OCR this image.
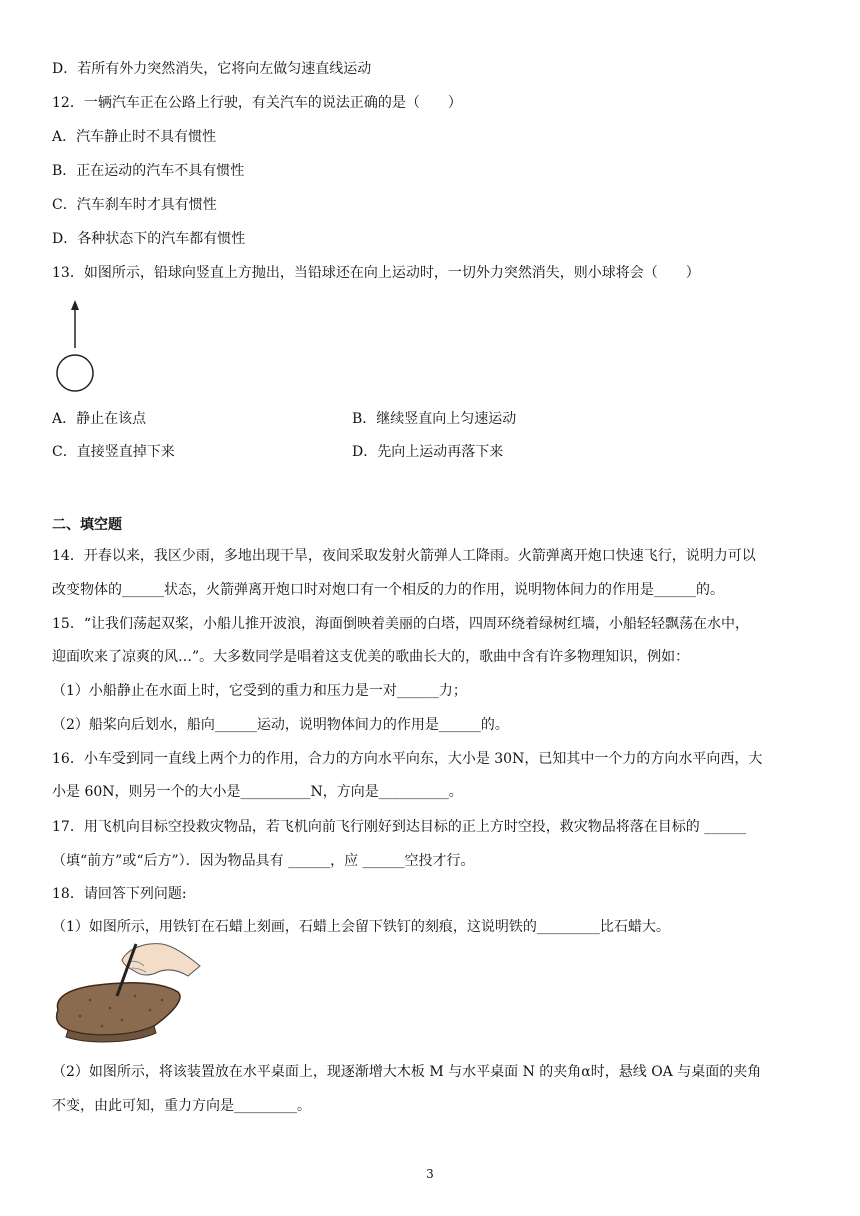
D．若所有外力突然消失，它将向左做匀速直线运动
12．一辆汽车正在公路上行驶，有关汽车的说法正确的是（　　）
A．汽车静止时不具有惯性
B．正在运动的汽车不具有惯性
C．汽车刹车时才具有惯性
D．各种状态下的汽车都有惯性
13．如图所示，铅球向竖直上方抛出，当铅球还在向上运动时，一切外力突然消失，则小球将会（　　）
A．静止在该点	B．继续竖直向上匀速运动
C．直接竖直掉下来	D．先向上运动再落下来
二、填空题
14．开春以来，我区少雨，多地出现干旱，夜间采取发射火箭弹人工降雨。火箭弹离开炮口快速飞行，说明力可以
改变物体的______状态，火箭弹离开炮口时对炮口有一个相反的力的作用，说明物体间力的作用是______的。
15．“让我们荡起双桨，小船儿推开波浪，海面倒映着美丽的白塔，四周环绕着绿树红墙，小船轻轻飘荡在水中，
迎面吹来了凉爽的风…”。大多数同学是唱着这支优美的歌曲长大的，歌曲中含有许多物理知识，例如：
（1）小船静止在水面上时，它受到的重力和压力是一对______力；
（2）船桨向后划水，船向______运动，说明物体间力的作用是______的。
16．小车受到同一直线上两个力的作用，合力的方向水平向东，大小是 30N，已知其中一个力的方向水平向西，大
小是 60N，则另一个的大小是__________N，方向是__________。
17．用飞机向目标空投救灾物品，若飞机向前飞行刚好到达目标的正上方时空投，救灾物品将落在目标的 ______
（填“前方”或“后方”）．因为物品具有 ______，应 ______空投才行。
18．请回答下列问题:
（1）如图所示，用铁钉在石蜡上刻画，石蜡上会留下铁钉的刻痕，这说明铁的_________比石蜡大。
（2）如图所示，将该装置放在水平桌面上，现逐渐增大木板 M 与水平桌面 N 的夹角α时，悬线 OA 与桌面的夹角
不变，由此可知，重力方向是_________。
3
